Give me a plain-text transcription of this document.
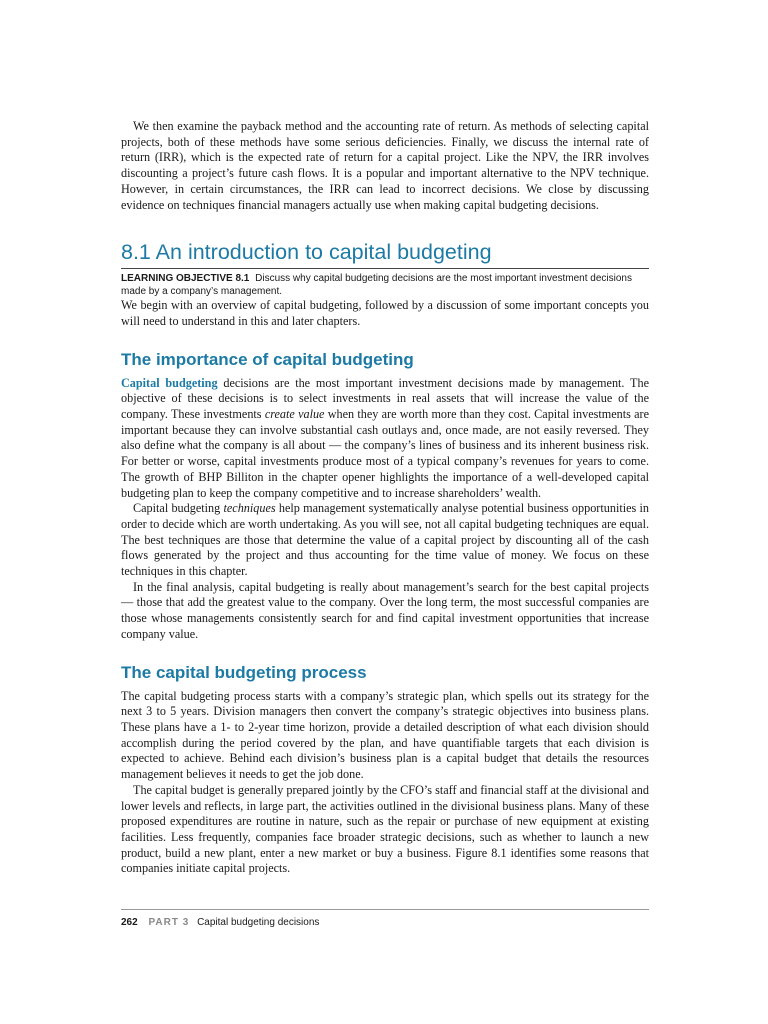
We then examine the payback method and the accounting rate of return. As methods of selecting capital projects, both of these methods have some serious deficiencies. Finally, we discuss the internal rate of return (IRR), which is the expected rate of return for a capital project. Like the NPV, the IRR involves discounting a project’s future cash flows. It is a popular and important alternative to the NPV technique. However, in certain circumstances, the IRR can lead to incorrect decisions. We close by discussing evidence on techniques financial managers actually use when making capital budgeting decisions.

8.1 An introduction to capital budgeting
LEARNING OBJECTIVE 8.1 Discuss why capital budgeting decisions are the most important investment decisions made by a company’s management.

We begin with an overview of capital budgeting, followed by a discussion of some important concepts you will need to understand in this and later chapters.

The importance of capital budgeting

Capital budgeting decisions are the most important investment decisions made by management. The objective of these decisions is to select investments in real assets that will increase the value of the company. These investments create value when they are worth more than they cost. Capital investments are important because they can involve substantial cash outlays and, once made, are not easily reversed. They also define what the company is all about — the company’s lines of business and its inherent business risk. For better or worse, capital investments produce most of a typical company’s revenues for years to come. The growth of BHP Billiton in the chapter opener highlights the importance of a well-developed capital budgeting plan to keep the company competitive and to increase shareholders’ wealth.

Capital budgeting techniques help management systematically analyse potential business opportunities in order to decide which are worth undertaking. As you will see, not all capital budgeting techniques are equal. The best techniques are those that determine the value of a capital project by discounting all of the cash flows generated by the project and thus accounting for the time value of money. We focus on these techniques in this chapter.

In the final analysis, capital budgeting is really about management’s search for the best capital projects — those that add the greatest value to the company. Over the long term, the most successful companies are those whose managements consistently search for and find capital investment opportunities that increase company value.

The capital budgeting process

The capital budgeting process starts with a company’s strategic plan, which spells out its strategy for the next 3 to 5 years. Division managers then convert the company’s strategic objectives into business plans. These plans have a 1- to 2-year time horizon, provide a detailed description of what each division should accomplish during the period covered by the plan, and have quantifiable targets that each division is expected to achieve. Behind each division’s business plan is a capital budget that details the resources management believes it needs to get the job done.

The capital budget is generally prepared jointly by the CFO’s staff and financial staff at the divisional and lower levels and reflects, in large part, the activities outlined in the divisional business plans. Many of these proposed expenditures are routine in nature, such as the repair or purchase of new equipment at existing facilities. Less frequently, companies face broader strategic decisions, such as whether to launch a new product, build a new plant, enter a new market or buy a business. Figure 8.1 identifies some reasons that companies initiate capital projects.

262 PART 3 Capital budgeting decisions
